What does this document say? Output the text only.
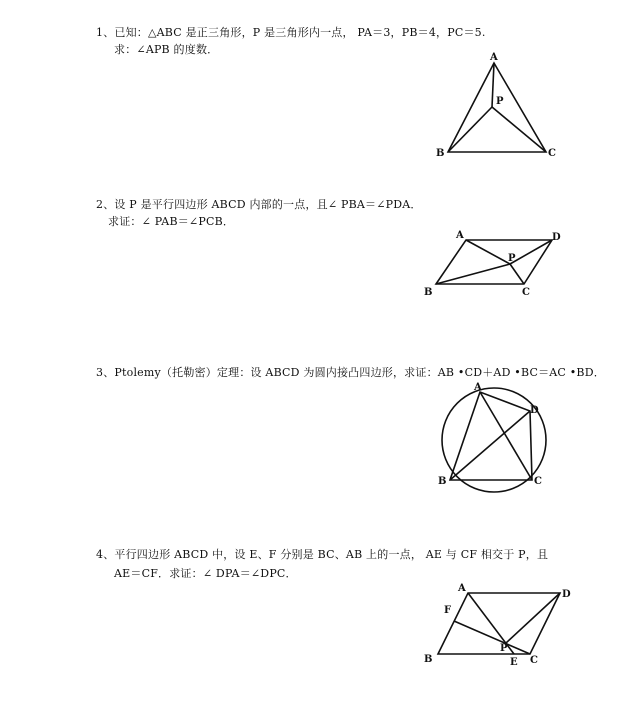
1、已知：△ABC 是正三角形，P 是三角形内一点， PA＝3，PB＝4，PC＝5.
求：∠APB 的度数．
A
P
B	C
2、设 P 是平行四边形 ABCD 内部的一点，且∠ PBA＝∠PDA．
求证：∠ PAB＝∠PCB．
A	D
P
B	C
3、Ptolemy（托勒密）定理：设 ABCD 为圆内接凸四边形，求证：AB •CD＋AD •BC＝AC •BD．
A
D
B	C
4、平行四边形 ABCD 中，设 E、F 分别是 BC、AB 上的一点， AE 与 CF 相交于 P，且
AE＝CF．求证：∠ DPA＝∠DPC．
A
D
F
P
B	E C
